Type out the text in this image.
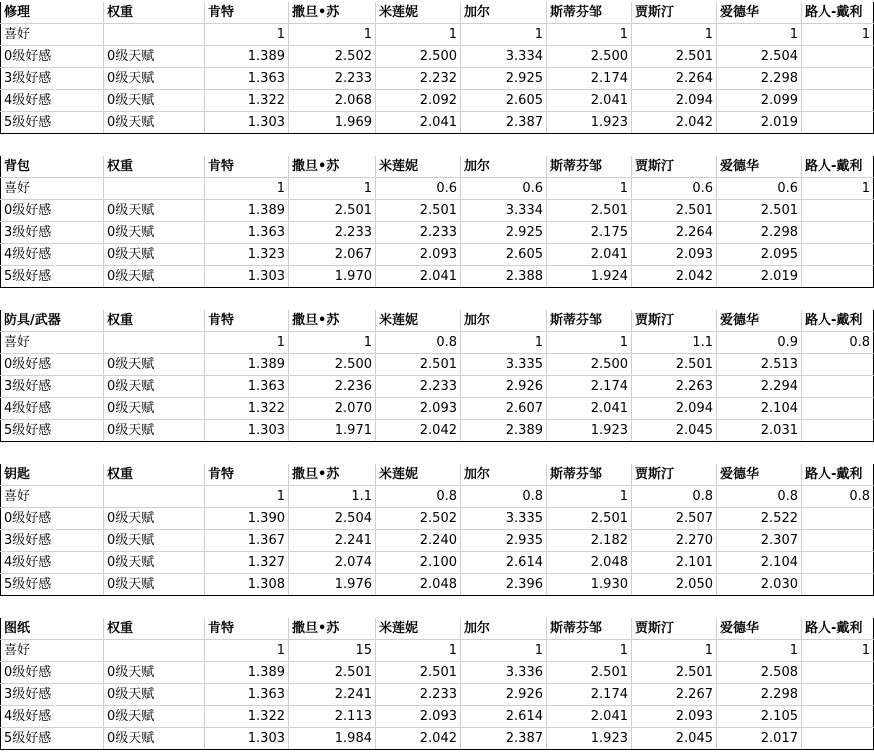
修理	权重	肯特	撒旦•苏	米莲妮	加尔	斯蒂芬邹	贾斯汀	爱德华	路人-戴利
喜好		1	1	1	1	1	1	1	1
0级好感	0级天赋	1.389	2.502	2.500	3.334	2.500	2.501	2.504	
3级好感	0级天赋	1.363	2.233	2.232	2.925	2.174	2.264	2.298	
4级好感	0级天赋	1.322	2.068	2.092	2.605	2.041	2.094	2.099	
5级好感	0级天赋	1.303	1.969	2.041	2.387	1.923	2.042	2.019	
背包	权重	肯特	撒旦•苏	米莲妮	加尔	斯蒂芬邹	贾斯汀	爱德华	路人-戴利
喜好		1	1	0.6	0.6	1	0.6	0.6	1
0级好感	0级天赋	1.389	2.501	2.501	3.334	2.501	2.501	2.501	
3级好感	0级天赋	1.363	2.233	2.233	2.925	2.175	2.264	2.298	
4级好感	0级天赋	1.323	2.067	2.093	2.605	2.041	2.093	2.095	
5级好感	0级天赋	1.303	1.970	2.041	2.388	1.924	2.042	2.019	
防具/武器	权重	肯特	撒旦•苏	米莲妮	加尔	斯蒂芬邹	贾斯汀	爱德华	路人-戴利
喜好		1	1	0.8	1	1	1.1	0.9	0.8
0级好感	0级天赋	1.389	2.500	2.501	3.335	2.500	2.501	2.513	
3级好感	0级天赋	1.363	2.236	2.233	2.926	2.174	2.263	2.294	
4级好感	0级天赋	1.322	2.070	2.093	2.607	2.041	2.094	2.104	
5级好感	0级天赋	1.303	1.971	2.042	2.389	1.923	2.045	2.031	
钥匙	权重	肯特	撒旦•苏	米莲妮	加尔	斯蒂芬邹	贾斯汀	爱德华	路人-戴利
喜好		1	1.1	0.8	0.8	1	0.8	0.8	0.8
0级好感	0级天赋	1.390	2.504	2.502	3.335	2.501	2.507	2.522	
3级好感	0级天赋	1.367	2.241	2.240	2.935	2.182	2.270	2.307	
4级好感	0级天赋	1.327	2.074	2.100	2.614	2.048	2.101	2.104	
5级好感	0级天赋	1.308	1.976	2.048	2.396	1.930	2.050	2.030	
图纸	权重	肯特	撒旦•苏	米莲妮	加尔	斯蒂芬邹	贾斯汀	爱德华	路人-戴利
喜好		1	15	1	1	1	1	1	1
0级好感	0级天赋	1.389	2.501	2.501	3.336	2.501	2.501	2.508	
3级好感	0级天赋	1.363	2.241	2.233	2.926	2.174	2.267	2.298	
4级好感	0级天赋	1.322	2.113	2.093	2.614	2.041	2.093	2.105	
5级好感	0级天赋	1.303	1.984	2.042	2.387	1.923	2.045	2.017	
